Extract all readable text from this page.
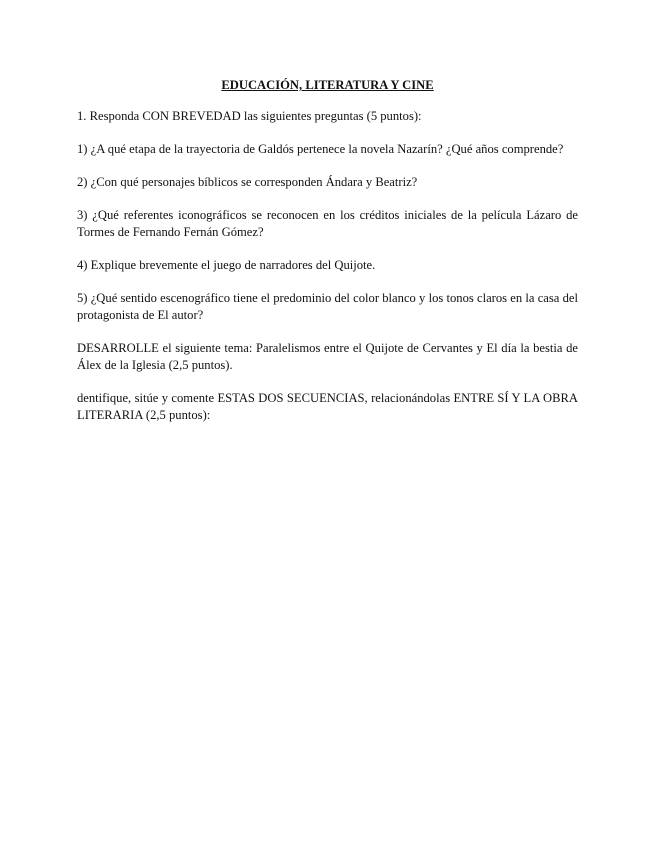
EDUCACIÓN, LITERATURA Y CINE
1. Responda CON BREVEDAD las siguientes preguntas (5 puntos):
1) ¿A qué etapa de la trayectoria de Galdós pertenece la novela Nazarín? ¿Qué años comprende?
2) ¿Con qué personajes bíblicos se corresponden Ándara y Beatriz?
3) ¿Qué referentes iconográficos se reconocen en los créditos iniciales de la película Lázaro de Tormes de Fernando Fernán Gómez?
4) Explique brevemente el juego de narradores del Quijote.
5) ¿Qué sentido escenográfico tiene el predominio del color blanco y los tonos claros en la casa del protagonista de El autor?
DESARROLLE el siguiente tema: Paralelismos entre el Quijote de Cervantes y El día la bestia de Álex de la Iglesia (2,5 puntos).
dentifique, sitúe y comente ESTAS DOS SECUENCIAS, relacionándolas ENTRE SÍ Y LA OBRA LITERARIA (2,5 puntos):
